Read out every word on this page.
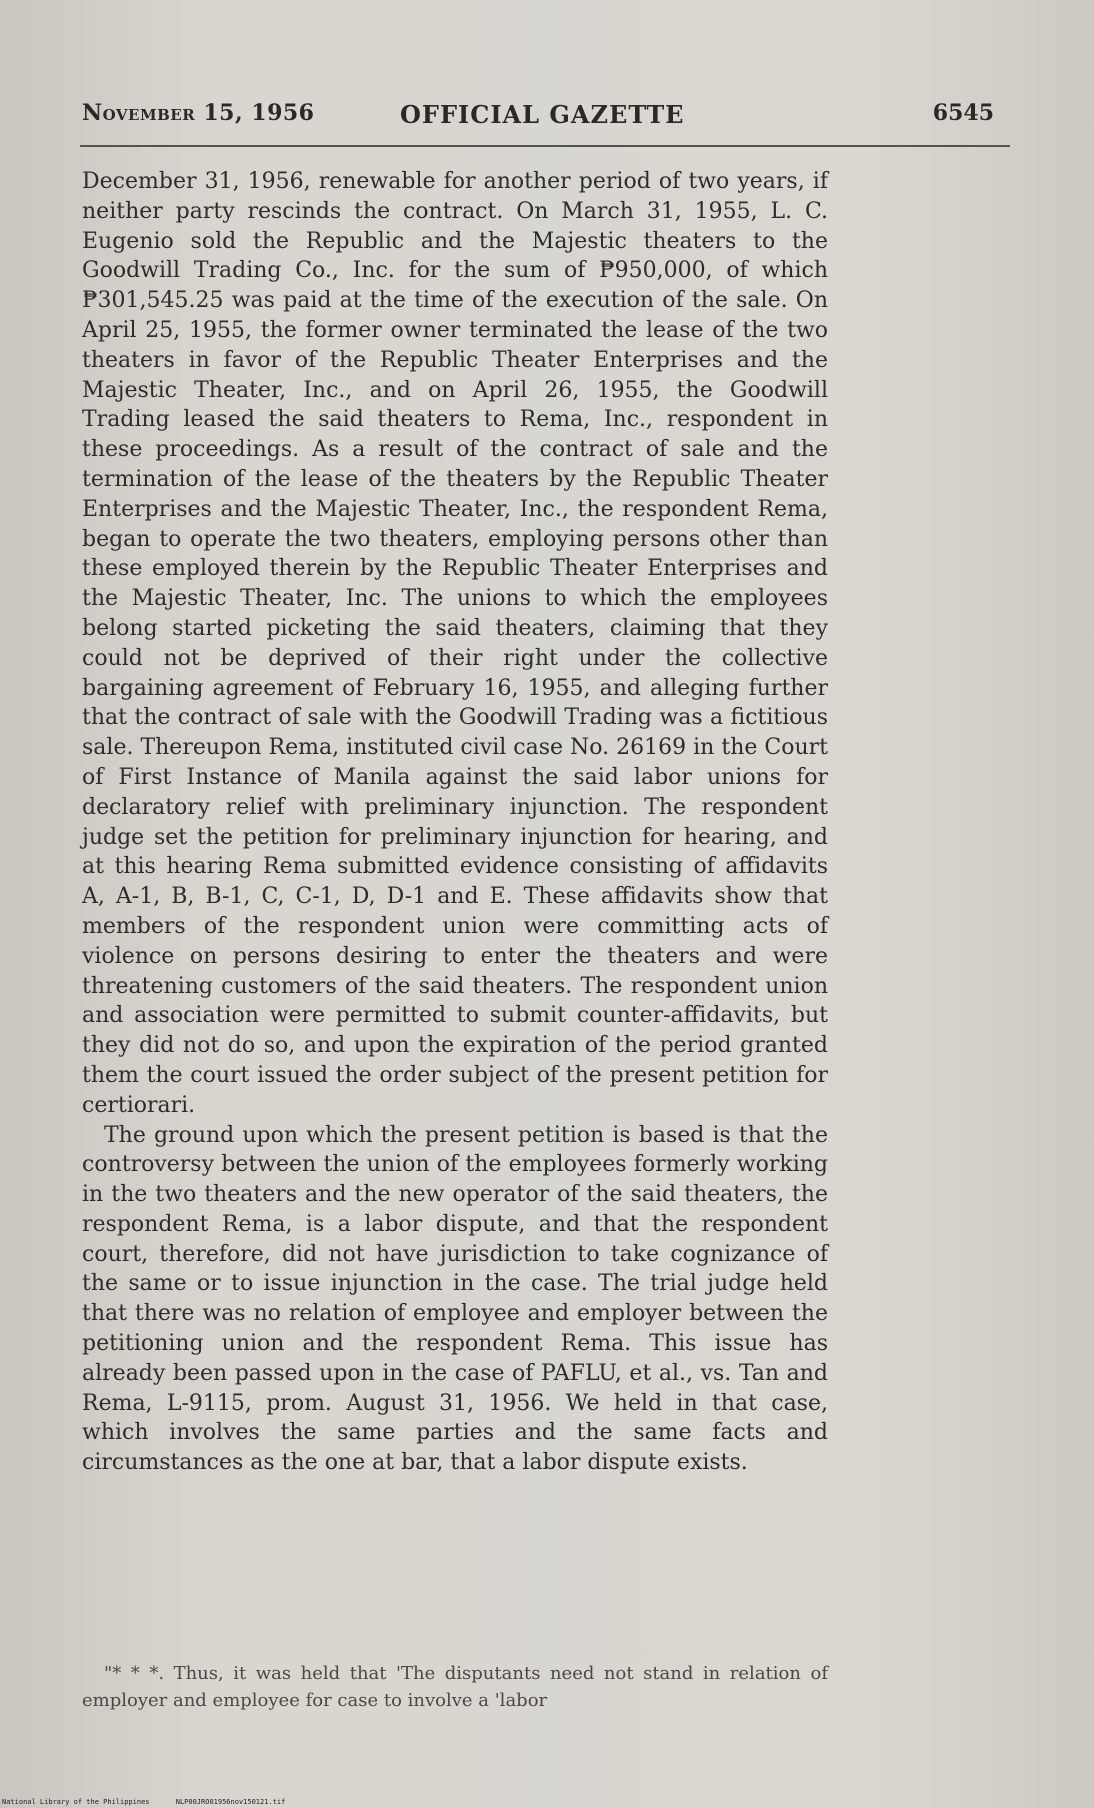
November 15, 1956	OFFICIAL GAZETTE	6545

December 31, 1956, renewable for another period of two years, if neither party rescinds the contract. On March 31, 1955, L. C. Eugenio sold the Republic and the Majestic theaters to the Goodwill Trading Co., Inc. for the sum of ₱950,000, of which ₱301,545.25 was paid at the time of the execution of the sale. On April 25, 1955, the former owner terminated the lease of the two theaters in favor of the Republic Theater Enterprises and the Majestic Theater, Inc., and on April 26, 1955, the Goodwill Trading leased the said theaters to Rema, Inc., respondent in these proceedings. As a result of the contract of sale and the termination of the lease of the theaters by the Republic Theater Enterprises and the Majestic Theater, Inc., the respondent Rema, began to operate the two theaters, employing persons other than these employed therein by the Republic Theater Enterprises and the Majestic Theater, Inc. The unions to which the employees belong started picketing the said theaters, claiming that they could not be deprived of their right under the collective bargaining agreement of February 16, 1955, and alleging further that the contract of sale with the Goodwill Trading was a fictitious sale. Thereupon Rema, instituted civil case No. 26169 in the Court of First Instance of Manila against the said labor unions for declaratory relief with preliminary injunction. The respondent judge set the petition for preliminary injunction for hearing, and at this hearing Rema submitted evidence consisting of affidavits A, A-1, B, B-1, C, C-1, D, D-1 and E. These affidavits show that members of the respondent union were committing acts of violence on persons desiring to enter the theaters and were threatening customers of the said theaters. The respondent union and association were permitted to submit counter-affidavits, but they did not do so, and upon the expiration of the period granted them the court issued the order subject of the present petition for certiorari.

The ground upon which the present petition is based is that the controversy between the union of the employees formerly working in the two theaters and the new operator of the said theaters, the respondent Rema, is a labor dispute, and that the respondent court, therefore, did not have jurisdiction to take cognizance of the same or to issue injunction in the case. The trial judge held that there was no relation of employee and employer between the petitioning union and the respondent Rema. This issue has already been passed upon in the case of PAFLU, et al., vs. Tan and Rema, L-9115, prom. August 31, 1956. We held in that case, which involves the same parties and the same facts and circumstances as the one at bar, that a labor dispute exists.

"* * *. Thus, it was held that 'The disputants need not stand in relation of employer and employee for case to involve a 'labor
National Library of the Philippines	NLP00JRO01956nov150121.tif
